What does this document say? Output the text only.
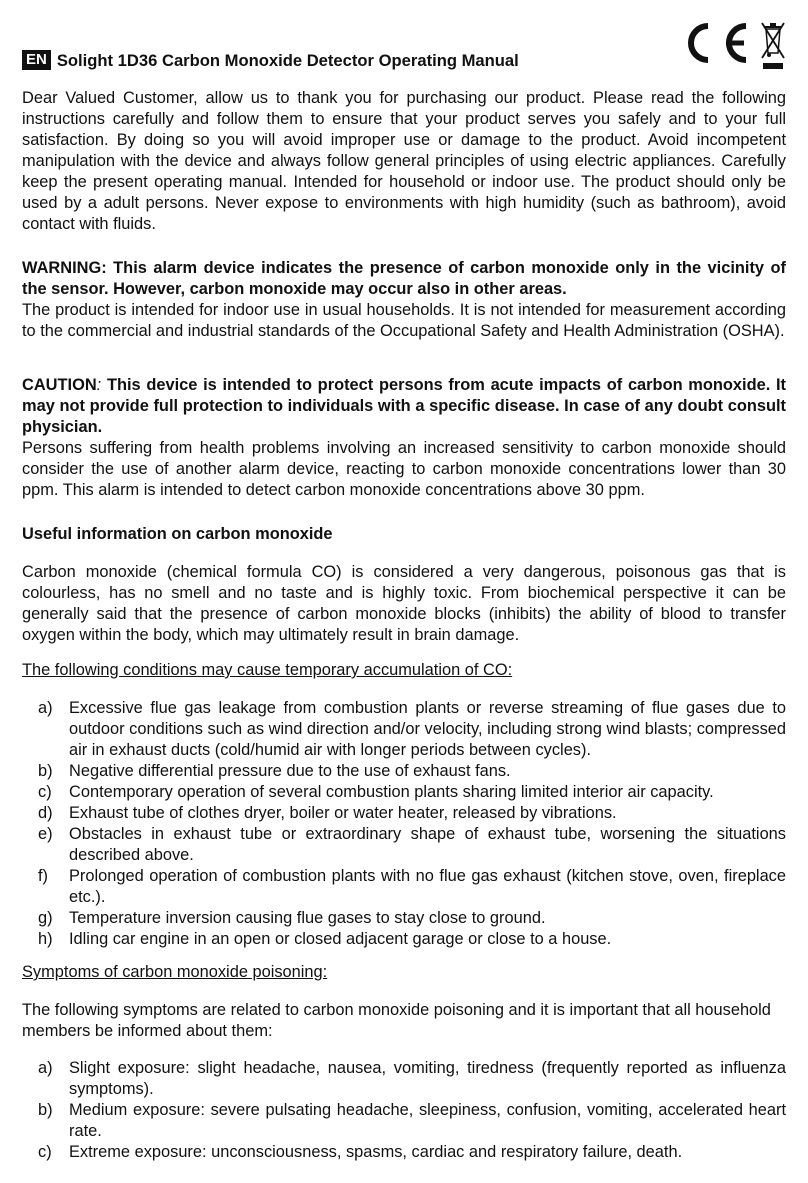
EN Solight 1D36 Carbon Monoxide Detector Operating Manual

Dear Valued Customer, allow us to thank you for purchasing our product. Please read the following instructions carefully and follow them to ensure that your product serves you safely and to your full satisfaction. By doing so you will avoid improper use or damage to the product. Avoid incompetent manipulation with the device and always follow general principles of using electric appliances. Carefully keep the present operating manual. Intended for household or indoor use. The product should only be used by a adult persons. Never expose to environments with high humidity (such as bathroom), avoid contact with fluids.

WARNING: This alarm device indicates the presence of carbon monoxide only in the vicinity of the sensor. However, carbon monoxide may occur also in other areas.

The product is intended for indoor use in usual households. It is not intended for measurement according to the commercial and industrial standards of the Occupational Safety and Health Administration (OSHA).

CAUTION: This device is intended to protect persons from acute impacts of carbon monoxide. It may not provide full protection to individuals with a specific disease. In case of any doubt consult physician.

Persons suffering from health problems involving an increased sensitivity to carbon monoxide should consider the use of another alarm device, reacting to carbon monoxide concentrations lower than 30 ppm. This alarm is intended to detect carbon monoxide concentrations above 30 ppm.

Useful information on carbon monoxide

Carbon monoxide (chemical formula CO) is considered a very dangerous, poisonous gas that is colourless, has no smell and no taste and is highly toxic. From biochemical perspective it can be generally said that the presence of carbon monoxide blocks (inhibits) the ability of blood to transfer oxygen within the body, which may ultimately result in brain damage.

The following conditions may cause temporary accumulation of CO:

a) Excessive flue gas leakage from combustion plants or reverse streaming of flue gases due to outdoor conditions such as wind direction and/or velocity, including strong wind blasts; compressed air in exhaust ducts (cold/humid air with longer periods between cycles).
b) Negative differential pressure due to the use of exhaust fans.
c) Contemporary operation of several combustion plants sharing limited interior air capacity.
d) Exhaust tube of clothes dryer, boiler or water heater, released by vibrations.
e) Obstacles in exhaust tube or extraordinary shape of exhaust tube, worsening the situations described above.
f) Prolonged operation of combustion plants with no flue gas exhaust (kitchen stove, oven, fireplace etc.).
g) Temperature inversion causing flue gases to stay close to ground.
h) Idling car engine in an open or closed adjacent garage or close to a house.

Symptoms of carbon monoxide poisoning:

The following symptoms are related to carbon monoxide poisoning and it is important that all household members be informed about them:

a) Slight exposure: slight headache, nausea, vomiting, tiredness (frequently reported as influenza symptoms).
b) Medium exposure: severe pulsating headache, sleepiness, confusion, vomiting, accelerated heart rate.
c) Extreme exposure: unconsciousness, spasms, cardiac and respiratory failure, death.
